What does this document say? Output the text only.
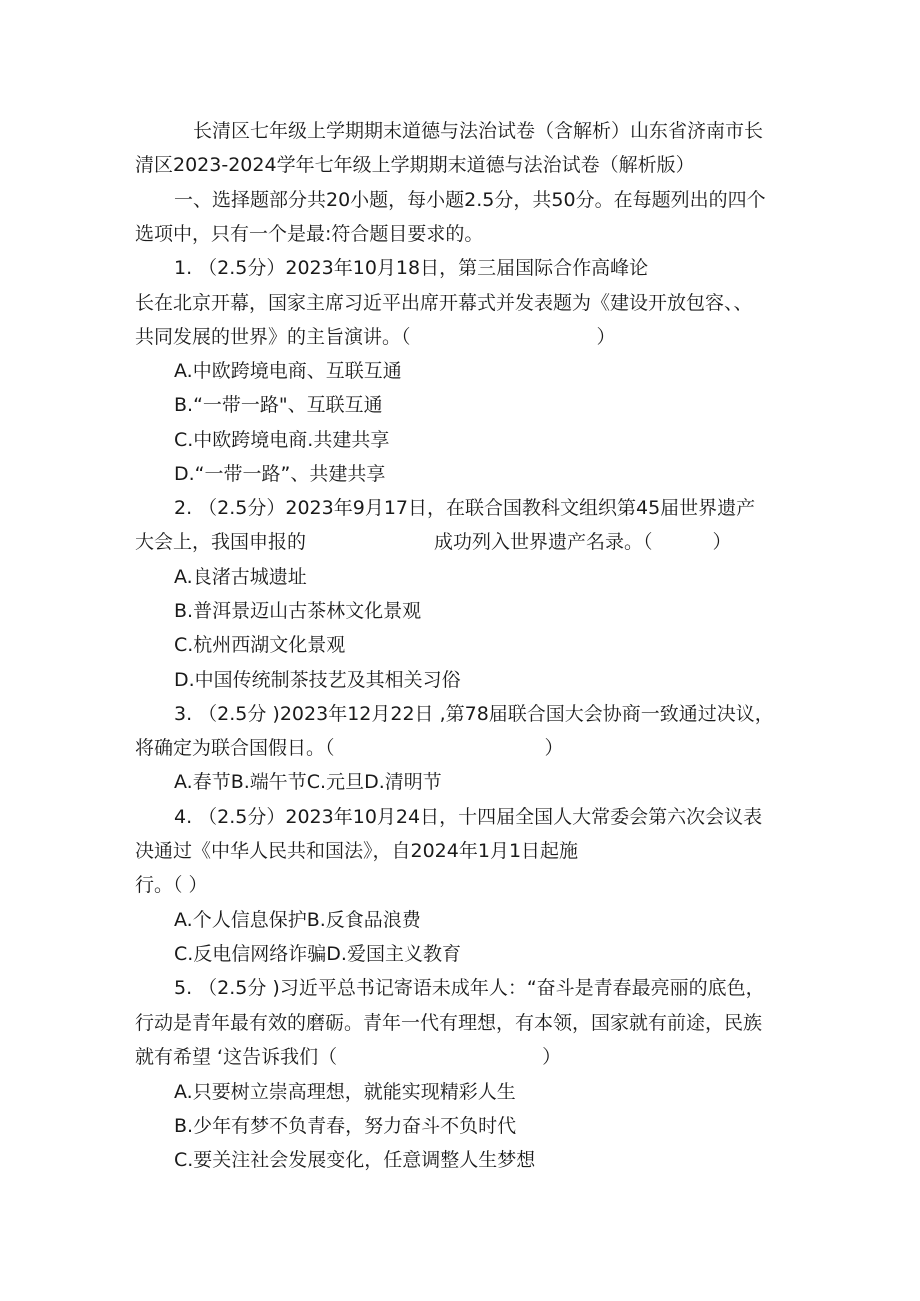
长清区七年级上学期期末道德与法治试卷（含解析）山东省济南市长
清区2023-2024学年七年级上学期期末道德与法治试卷（解析版）
一、选择题部分共20小题，每小题2.5分，共50分。在每题列出的四个
选项中，只有一个是最:符合题目要求的。
1. （2.5分）2023年10月18日，第三届国际合作高峰论
长在北京开幕，国家主席习近平出席开幕式并发表题为《建设开放包容、、
共同发展的世界》的主旨演讲。（	）
A.中欧跨境电商、互联互通
B.“一带一路"、互联互通
C.中欧跨境电商.共建共享
D.“一带一路”、共建共享
2. （2.5分）2023年9月17日，在联合国教科文组织第45届世界遗产
大会上，我国申报的	成功列入世界遗产名录。（	）
A.良渚古城遗址
B.普洱景迈山古茶林文化景观
C.杭州西湖文化景观
D.中国传统制茶技艺及其相关习俗
3. （2.5分 )2023年12月22日 ,第78届联合国大会协商一致通过决议，
将确定为联合国假日。（	）
A.春节B.端午节C.元旦D.清明节
4. （2.5分）2023年10月24日，十四届全国人大常委会第六次会议表
决通过《中华人民共和国法》，自2024年1月1日起施
行。（ ）
A.个人信息保护B.反食品浪费
C.反电信网络诈骗D.爱国主义教育
5. （2.5分 )习近平总书记寄语未成年人：“奋斗是青春最亮丽的底色，
行动是青年最有效的磨砺。青年一代有理想，有本领，国家就有前途，民族
就有希望 ‘这告诉我们（	）
A.只要树立崇高理想，就能实现精彩人生
B.少年有梦不负青春，努力奋斗不负时代
C.要关注社会发展变化，任意调整人生梦想
